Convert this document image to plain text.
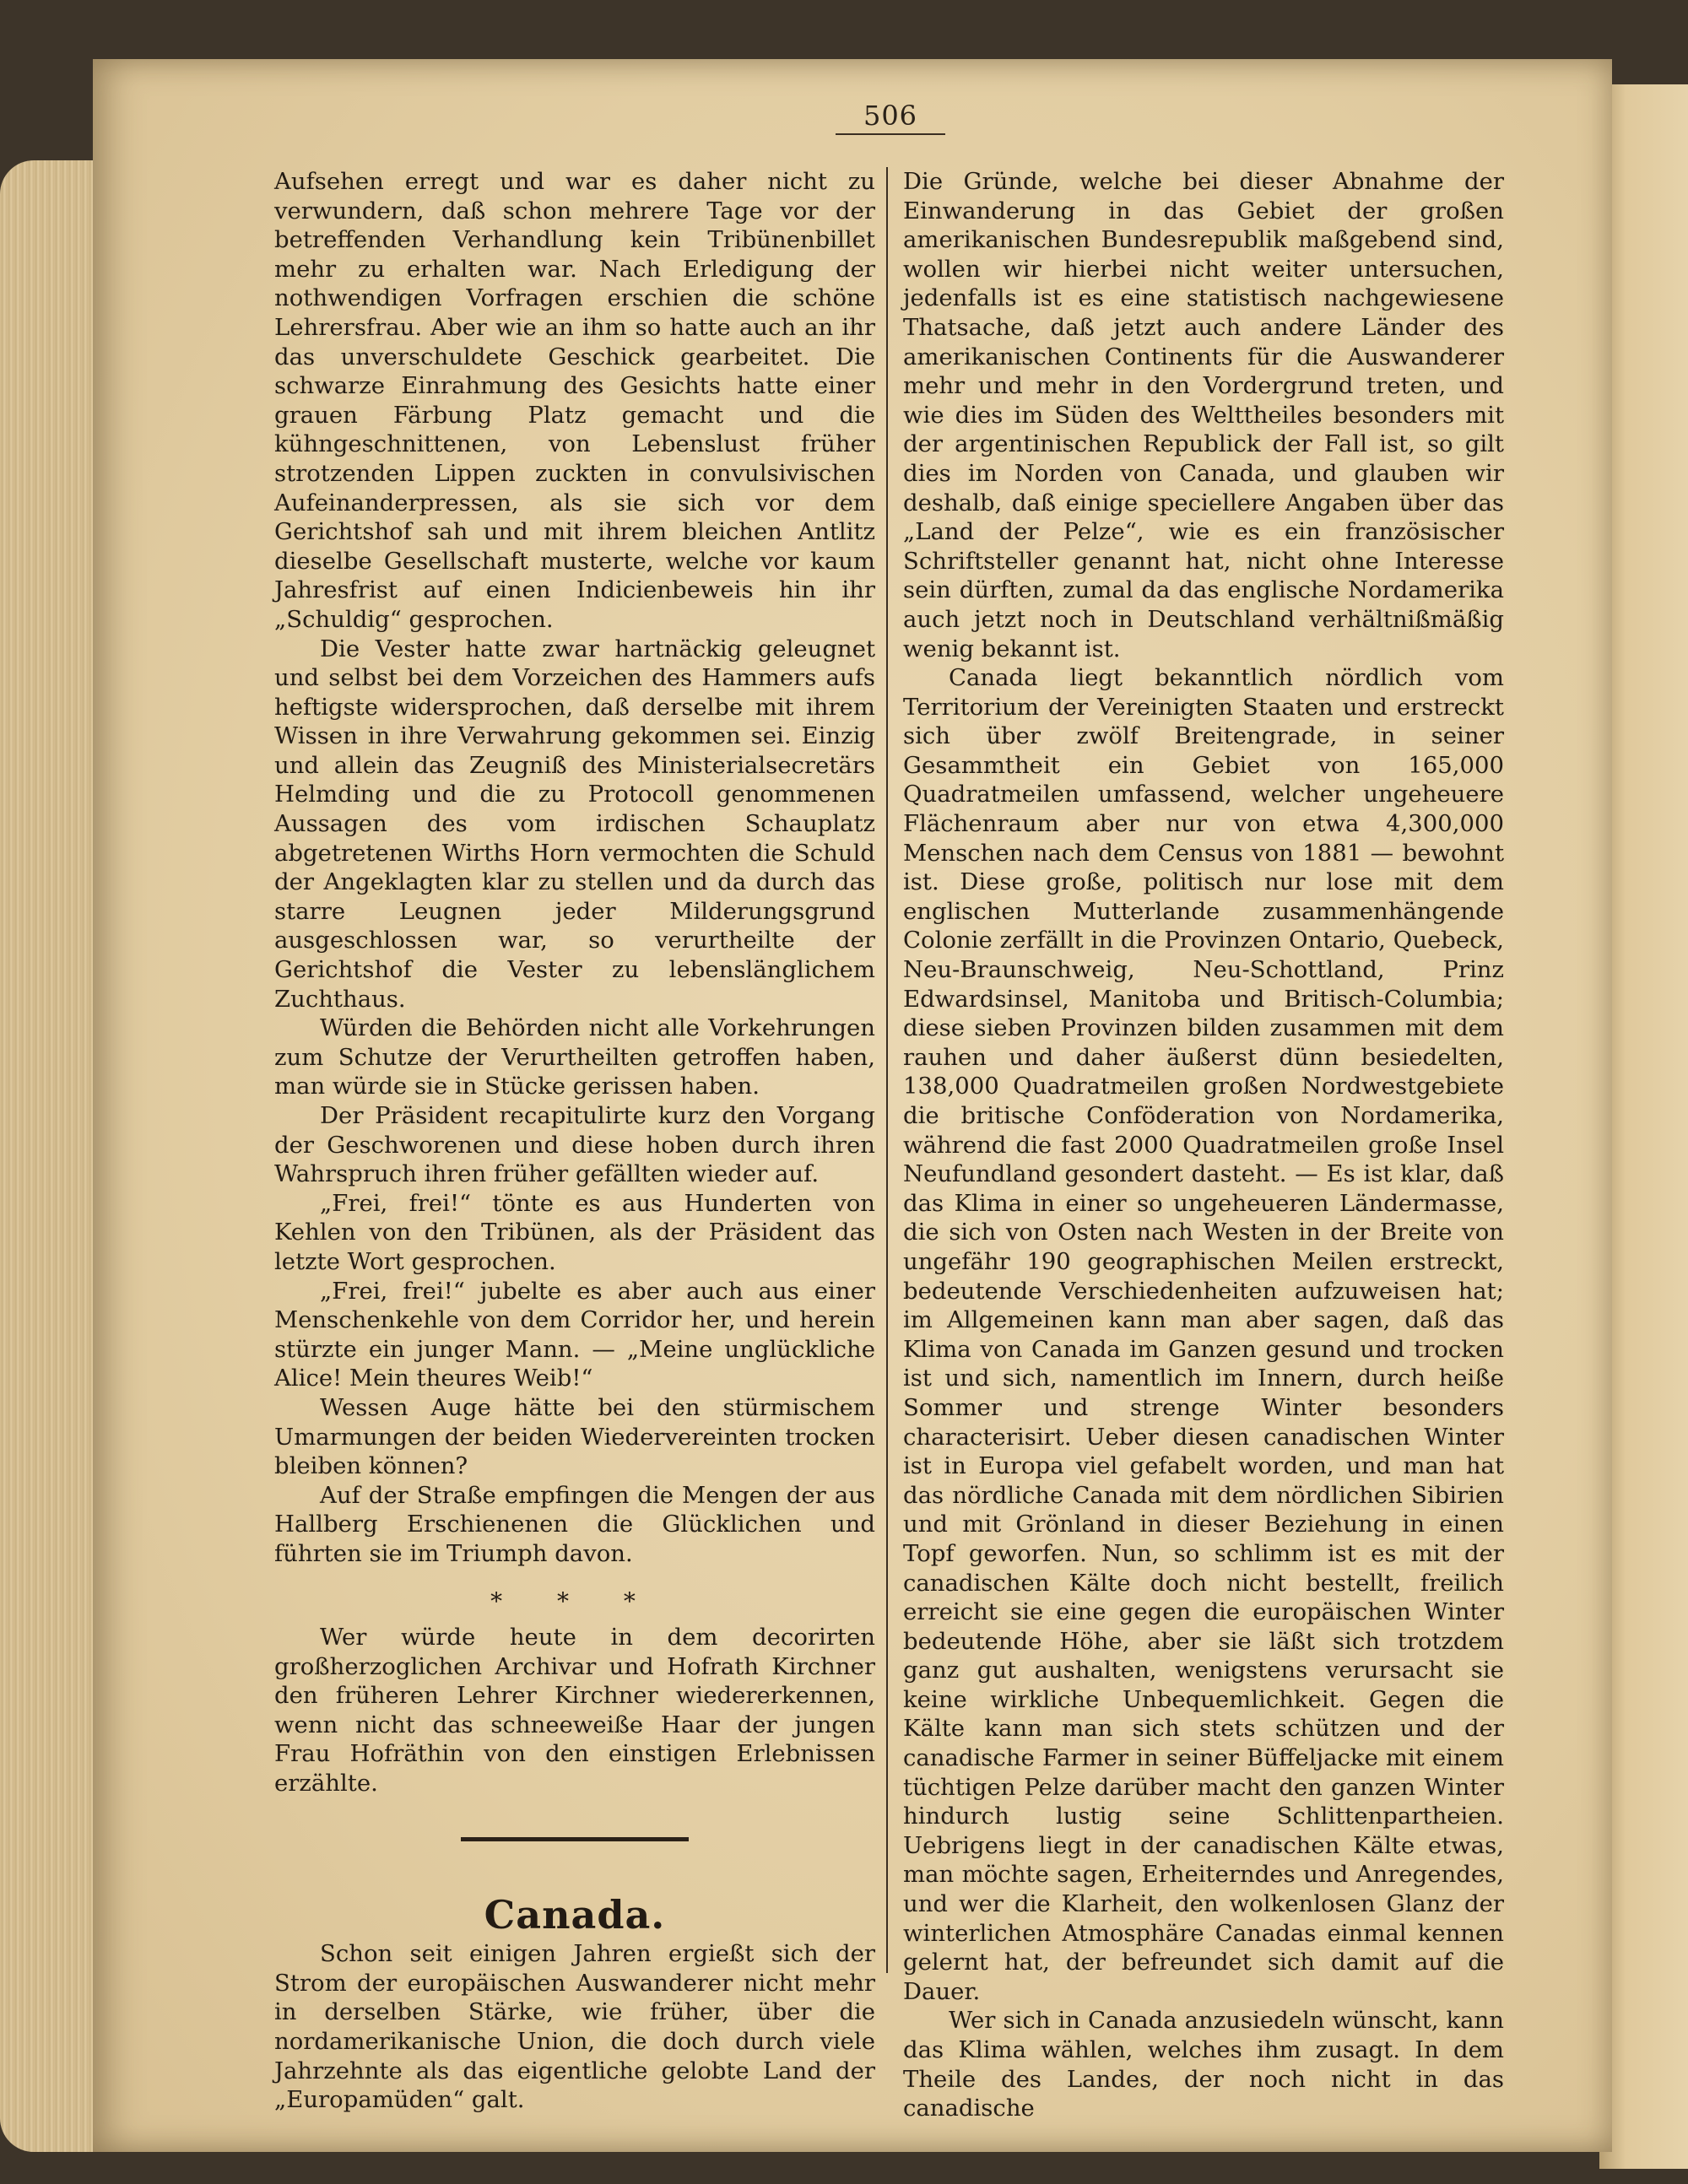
506

Aufsehen erregt und war es daher nicht zu verwundern, daß schon mehrere Tage vor der betreffenden Verhandlung kein Tribünenbillet mehr zu erhalten war. Nach Erledigung der nothwendigen Vorfragen erschien die schöne Lehrersfrau. Aber wie an ihm so hatte auch an ihr das unverschuldete Geschick gearbeitet. Die schwarze Einrahmung des Gesichts hatte einer grauen Färbung Platz gemacht und die kühngeschnittenen, von Lebenslust früher strotzenden Lippen zuckten in convulsivischen Aufeinanderpressen, als sie sich vor dem Gerichtshof sah und mit ihrem bleichen Antlitz dieselbe Gesellschaft musterte, welche vor kaum Jahresfrist auf einen Indicienbeweis hin ihr „Schuldig“ gesprochen.

Die Vester hatte zwar hartnäckig geleugnet und selbst bei dem Vorzeichen des Hammers aufs heftigste widersprochen, daß derselbe mit ihrem Wissen in ihre Verwahrung gekommen sei. Einzig und allein das Zeugniß des Ministerialsecretärs Helmding und die zu Protocoll genommenen Aussagen des vom irdischen Schauplatz abgetretenen Wirths Horn vermochten die Schuld der Angeklagten klar zu stellen und da durch das starre Leugnen jeder Milderungsgrund ausgeschlossen war, so verurtheilte der Gerichtshof die Vester zu lebenslänglichem Zuchthaus.

Würden die Behörden nicht alle Vorkehrungen zum Schutze der Verurtheilten getroffen haben, man würde sie in Stücke gerissen haben.

Der Präsident recapitulirte kurz den Vorgang der Geschworenen und diese hoben durch ihren Wahrspruch ihren früher gefällten wieder auf.

„Frei, frei!“ tönte es aus Hunderten von Kehlen von den Tribünen, als der Präsident das letzte Wort gesprochen.

„Frei, frei!“ jubelte es aber auch aus einer Menschenkehle von dem Corridor her, und herein stürzte ein junger Mann. — „Meine unglückliche Alice! Mein theures Weib!“

Wessen Auge hätte bei den stürmischem Umarmungen der beiden Wiedervereinten trocken bleiben können?

Auf der Straße empfingen die Mengen der aus Hallberg Erschienenen die Glücklichen und führten sie im Triumph davon.

* * *

Wer würde heute in dem decorirten großherzoglichen Archivar und Hofrath Kirchner den früheren Lehrer Kirchner wiedererkennen, wenn nicht das schneeweiße Haar der jungen Frau Hofräthin von den einstigen Erlebnissen erzählte.

Canada.

Schon seit einigen Jahren ergießt sich der Strom der europäischen Auswanderer nicht mehr in derselben Stärke, wie früher, über die nordamerikanische Union, die doch durch viele Jahrzehnte als das eigentliche gelobte Land der „Europamüden“ galt.

Die Gründe, welche bei dieser Abnahme der Einwanderung in das Gebiet der großen amerikanischen Bundesrepublik maßgebend sind, wollen wir hierbei nicht weiter untersuchen, jedenfalls ist es eine statistisch nachgewiesene Thatsache, daß jetzt auch andere Länder des amerikanischen Continents für die Auswanderer mehr und mehr in den Vordergrund treten, und wie dies im Süden des Welttheiles besonders mit der argentinischen Republick der Fall ist, so gilt dies im Norden von Canada, und glauben wir deshalb, daß einige speciellere Angaben über das „Land der Pelze“, wie es ein französischer Schriftsteller genannt hat, nicht ohne Interesse sein dürften, zumal da das englische Nordamerika auch jetzt noch in Deutschland verhältnißmäßig wenig bekannt ist.

Canada liegt bekanntlich nördlich vom Territorium der Vereinigten Staaten und erstreckt sich über zwölf Breitengrade, in seiner Gesammtheit ein Gebiet von 165,000 Quadratmeilen umfassend, welcher ungeheuere Flächenraum aber nur von etwa 4,300,000 Menschen nach dem Census von 1881 — bewohnt ist. Diese große, politisch nur lose mit dem englischen Mutterlande zusammenhängende Colonie zerfällt in die Provinzen Ontario, Quebeck, Neu-Braunschweig, Neu-Schottland, Prinz Edwardsinsel, Manitoba und Britisch-Columbia; diese sieben Provinzen bilden zusammen mit dem rauhen und daher äußerst dünn besiedelten, 138,000 Quadratmeilen großen Nordwestgebiete die britische Conföderation von Nordamerika, während die fast 2000 Quadratmeilen große Insel Neufundland gesondert dasteht. — Es ist klar, daß das Klima in einer so ungeheueren Ländermasse, die sich von Osten nach Westen in der Breite von ungefähr 190 geographischen Meilen erstreckt, bedeutende Verschiedenheiten aufzuweisen hat; im Allgemeinen kann man aber sagen, daß das Klima von Canada im Ganzen gesund und trocken ist und sich, namentlich im Innern, durch heiße Sommer und strenge Winter besonders characterisirt. Ueber diesen canadischen Winter ist in Europa viel gefabelt worden, und man hat das nördliche Canada mit dem nördlichen Sibirien und mit Grönland in dieser Beziehung in einen Topf geworfen. Nun, so schlimm ist es mit der canadischen Kälte doch nicht bestellt, freilich erreicht sie eine gegen die europäischen Winter bedeutende Höhe, aber sie läßt sich trotzdem ganz gut aushalten, wenigstens verursacht sie keine wirkliche Unbequemlichkeit. Gegen die Kälte kann man sich stets schützen und der canadische Farmer in seiner Büffeljacke mit einem tüchtigen Pelze darüber macht den ganzen Winter hindurch lustig seine Schlittenpartheien. Uebrigens liegt in der canadischen Kälte etwas, man möchte sagen, Erheiterndes und Anregendes, und wer die Klarheit, den wolkenlosen Glanz der winterlichen Atmosphäre Canadas einmal kennen gelernt hat, der befreundet sich damit auf die Dauer.

Wer sich in Canada anzusiedeln wünscht, kann das Klima wählen, welches ihm zusagt. In dem Theile des Landes, der noch nicht in das canadische
